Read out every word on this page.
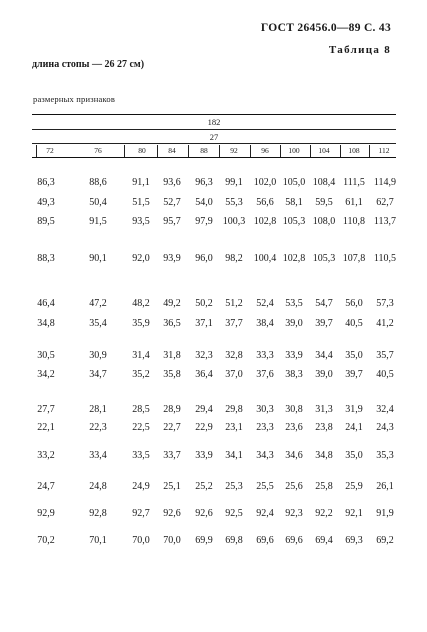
ГОСТ 26456.0—89 С. 43
Таблица 8
длина стопы — 26 27 см)
размерных признаков
182
27
72	76	80	84	88	92	96	100	104	108	112
86,3	88,6	91,1 93,6 96,3 99,1 102,0 105,0 108,4 111,5 114,9
49,3	50,4	51,5 52,7 54,0 55,3 56,6 58,1 59,5 61,1 62,7
89,5	91,5	93,5 95,7 97,9 100,3 102,8 105,3 108,0 110,8 113,7
88,3	90,1	92,0 93,9 96,0 98,2 100,4 102,8 105,3 107,8 110,5
46,4	47,2	48,2 49,2 50,2 51,2 52,4 53,5 54,7 56,0 57,3
34,8	35,4	35,9 36,5 37,1 37,7 38,4 39,0 39,7 40,5 41,2
30,5	30,9	31,4 31,8 32,3 32,8 33,3 33,9 34,4 35,0 35,7
34,2	34,7	35,2 35,8 36,4 37,0 37,6 38,3 39,0 39,7 40,5
27,7	28,1	28,5 28,9 29,4 29,8 30,3 30,8 31,3 31,9 32,4
22,1	22,3	22,5 22,7 22,9 23,1 23,3 23,6 23,8 24,1 24,3
33,2	33,4	33,5 33,7 33,9 34,1 34,3 34,6 34,8 35,0 35,3
24,7	24,8	24,9 25,1 25,2 25,3 25,5 25,6 25,8 25,9 26,1
92,9	92,8	92,7 92,6 92,6 92,5 92,4 92,3 92,2 92,1 91,9
70,2	70,1	70,0 70,0 69,9 69,8 69,6 69,6 69,4 69,3 69,2
